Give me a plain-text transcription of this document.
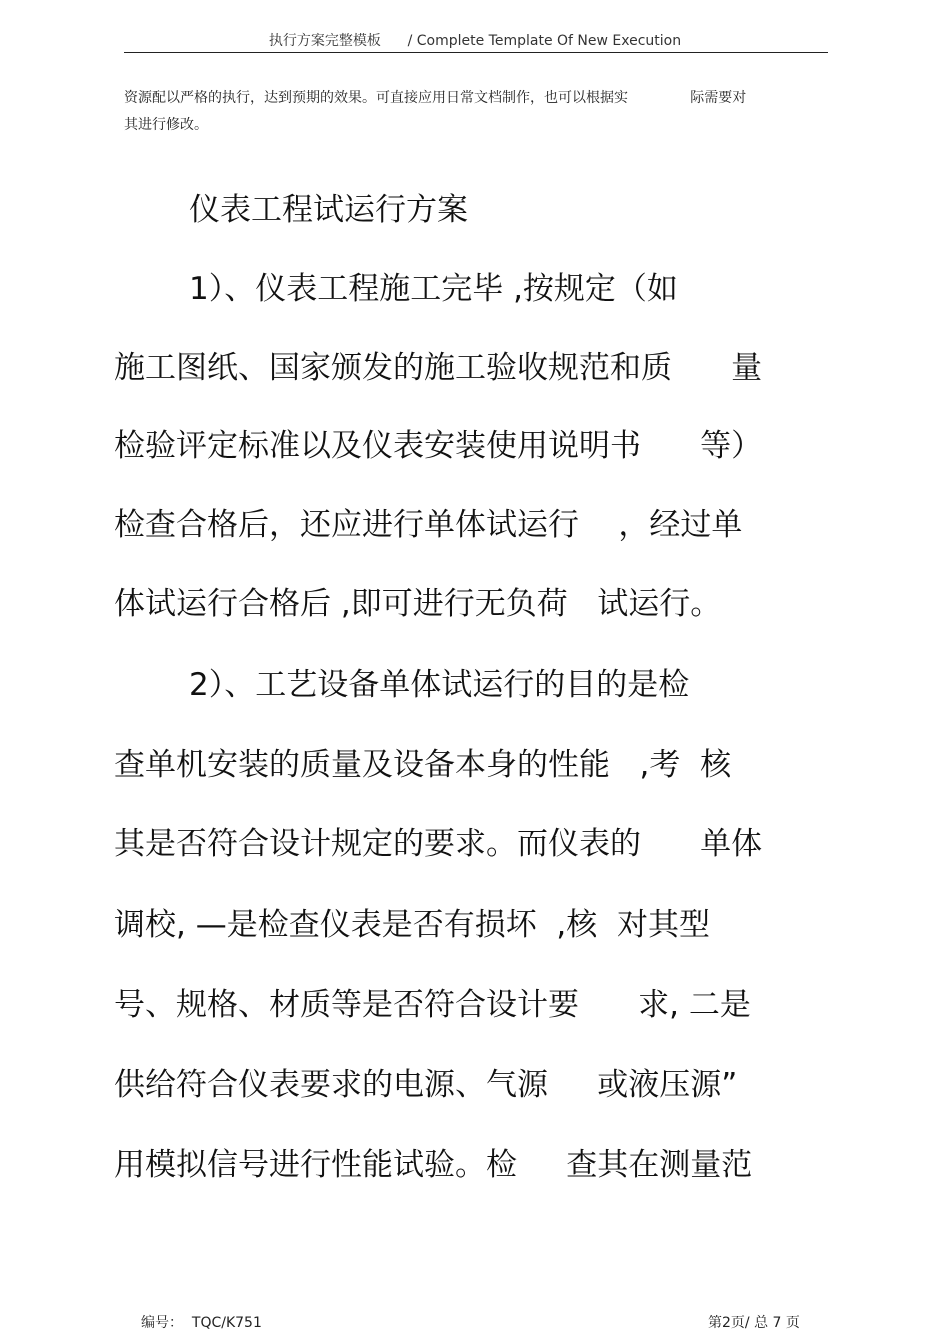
执行方案完整模板      / Complete Template Of New Execution
资源配以严格的执行，达到预期的效果。可直接应用日常文档制作，也可以根据实              际需要对
其进行修改。
仪表工程试运行方案
1）、仪表工程施工完毕 ,按规定（如
施工图纸、国家颁发的施工验收规范和质      量
检验评定标准以及仪表安装使用说明书      等）
检查合格后，还应进行单体试运行    ，经过单
体试运行合格后 ,即可进行无负荷   试运行。
2）、工艺设备单体试运行的目的是检
查单机安装的质量及设备本身的性能   ,考  核
其是否符合设计规定的要求。而仪表的      单体
调校, —是检查仪表是否有损坏  ,核  对其型
号、规格、材质等是否符合设计要      求, 二是
供给符合仪表要求的电源、气源     或液压源”
用模拟信号进行性能试验。检     查其在测量范
编号：  TQC/K751	第2页/ 总 7 页
